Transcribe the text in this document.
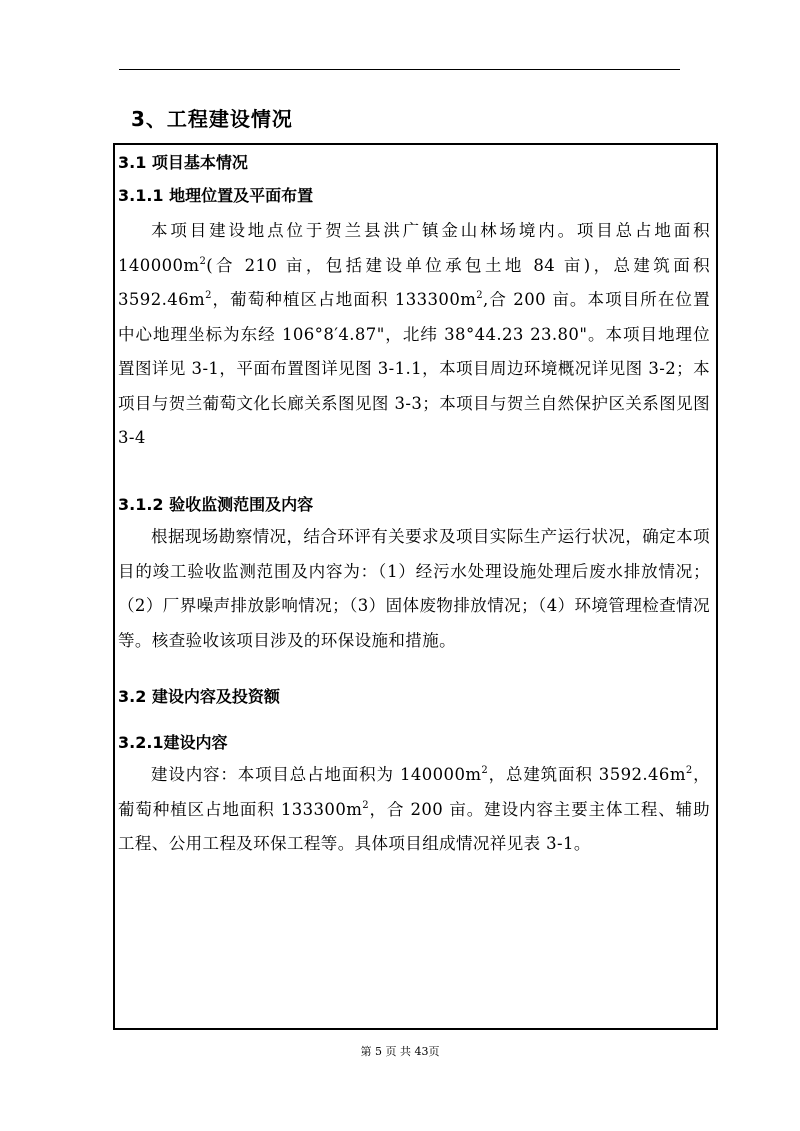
3、工程建设情况
3.1 项目基本情况
3.1.1 地理位置及平面布置
本项目建设地点位于贺兰县洪广镇金山林场境内。项目总占地面积$140000m^2$(合 210 亩，包括建设单位承包土地 84 亩)，总建筑面积$3592.46m^2$，葡萄种植区占地面积 $133300m^2$,合 200 亩。本项目所在位置中心地理坐标为东经 106°8′4.87"，北纬 38°44.23 23.80"。本项目地理位置图详见 3-1，平面布置图详见图 3-1.1，本项目周边环境概况详见图 3-2；本项目与贺兰葡萄文化长廊关系图见图 3-3；本项目与贺兰自然保护区关系图见图 3-4
3.1.2 验收监测范围及内容
根据现场勘察情况，结合环评有关要求及项目实际生产运行状况，确定本项目的竣工验收监测范围及内容为：（1）经污水处理设施处理后废水排放情况；（2）厂界噪声排放影响情况；（3）固体废物排放情况；（4）环境管理检查情况等。核查验收该项目涉及的环保设施和措施。
3.2 建设内容及投资额
3.2.1建设内容
建设内容：本项目总占地面积为 $140000m^2$，总建筑面积 $3592.46m^2$，葡萄种植区占地面积 $133300m^2$，合 200 亩。建设内容主要主体工程、辅助工程、公用工程及环保工程等。具体项目组成情况祥见表 3-1。
第 5 页 共 43页
